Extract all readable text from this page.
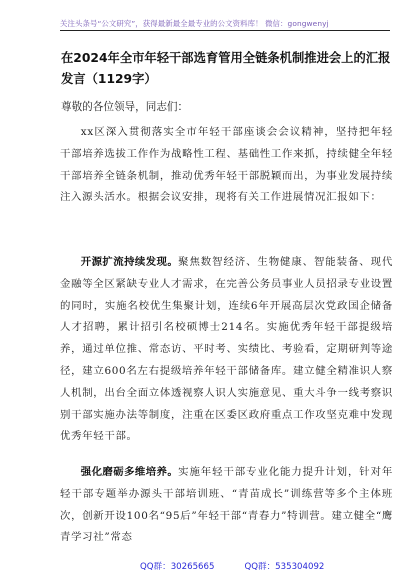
关注头条号“公文研究”，获得最新最全最专业的公文资料库！ 微信：gongwenyj
在2024年全市年轻干部选育管用全链条机制推进会上的汇报发言（1129字）
尊敬的各位领导，同志们：
xx区深入贯彻落实全市年轻干部座谈会会议精神，坚持把年轻干部培养选拔工作作为战略性工程、基础性工作来抓，持续健全年轻干部培养全链条机制，推动优秀年轻干部脱颖而出，为事业发展持续注入源头活水。根据会议安排，现将有关工作进展情况汇报如下：
开源扩流持续发现。聚焦数智经济、生物健康、智能装备、现代金融等全区紧缺专业人才需求，在完善公务员事业人员招录专业设置的同时，实施名校优生集聚计划，连续6年开展高层次党政国企储备人才招聘，累计招引名校硕博士214名。实施优秀年轻干部提级培养，通过单位推、常态访、平时考、实绩比、考验看，定期研判等途径，建立600名左右提级培养年轻干部储备库。建立健全精准识人察人机制，出台全面立体透视察人识人实施意见、重大斗争一线考察识别干部实施办法等制度，注重在区委区政府重点工作攻坚克难中发现优秀年轻干部。
强化磨砺多维培养。实施年轻干部专业化能力提升计划，针对年轻干部专题举办源头干部培训班、“青苗成长”训练营等多个主体班次，创新开设100名“95后”年轻干部“青春力”特训营。建立健全“鹰青学习社”常态
QQ群：30265665	QQ群：535304092
